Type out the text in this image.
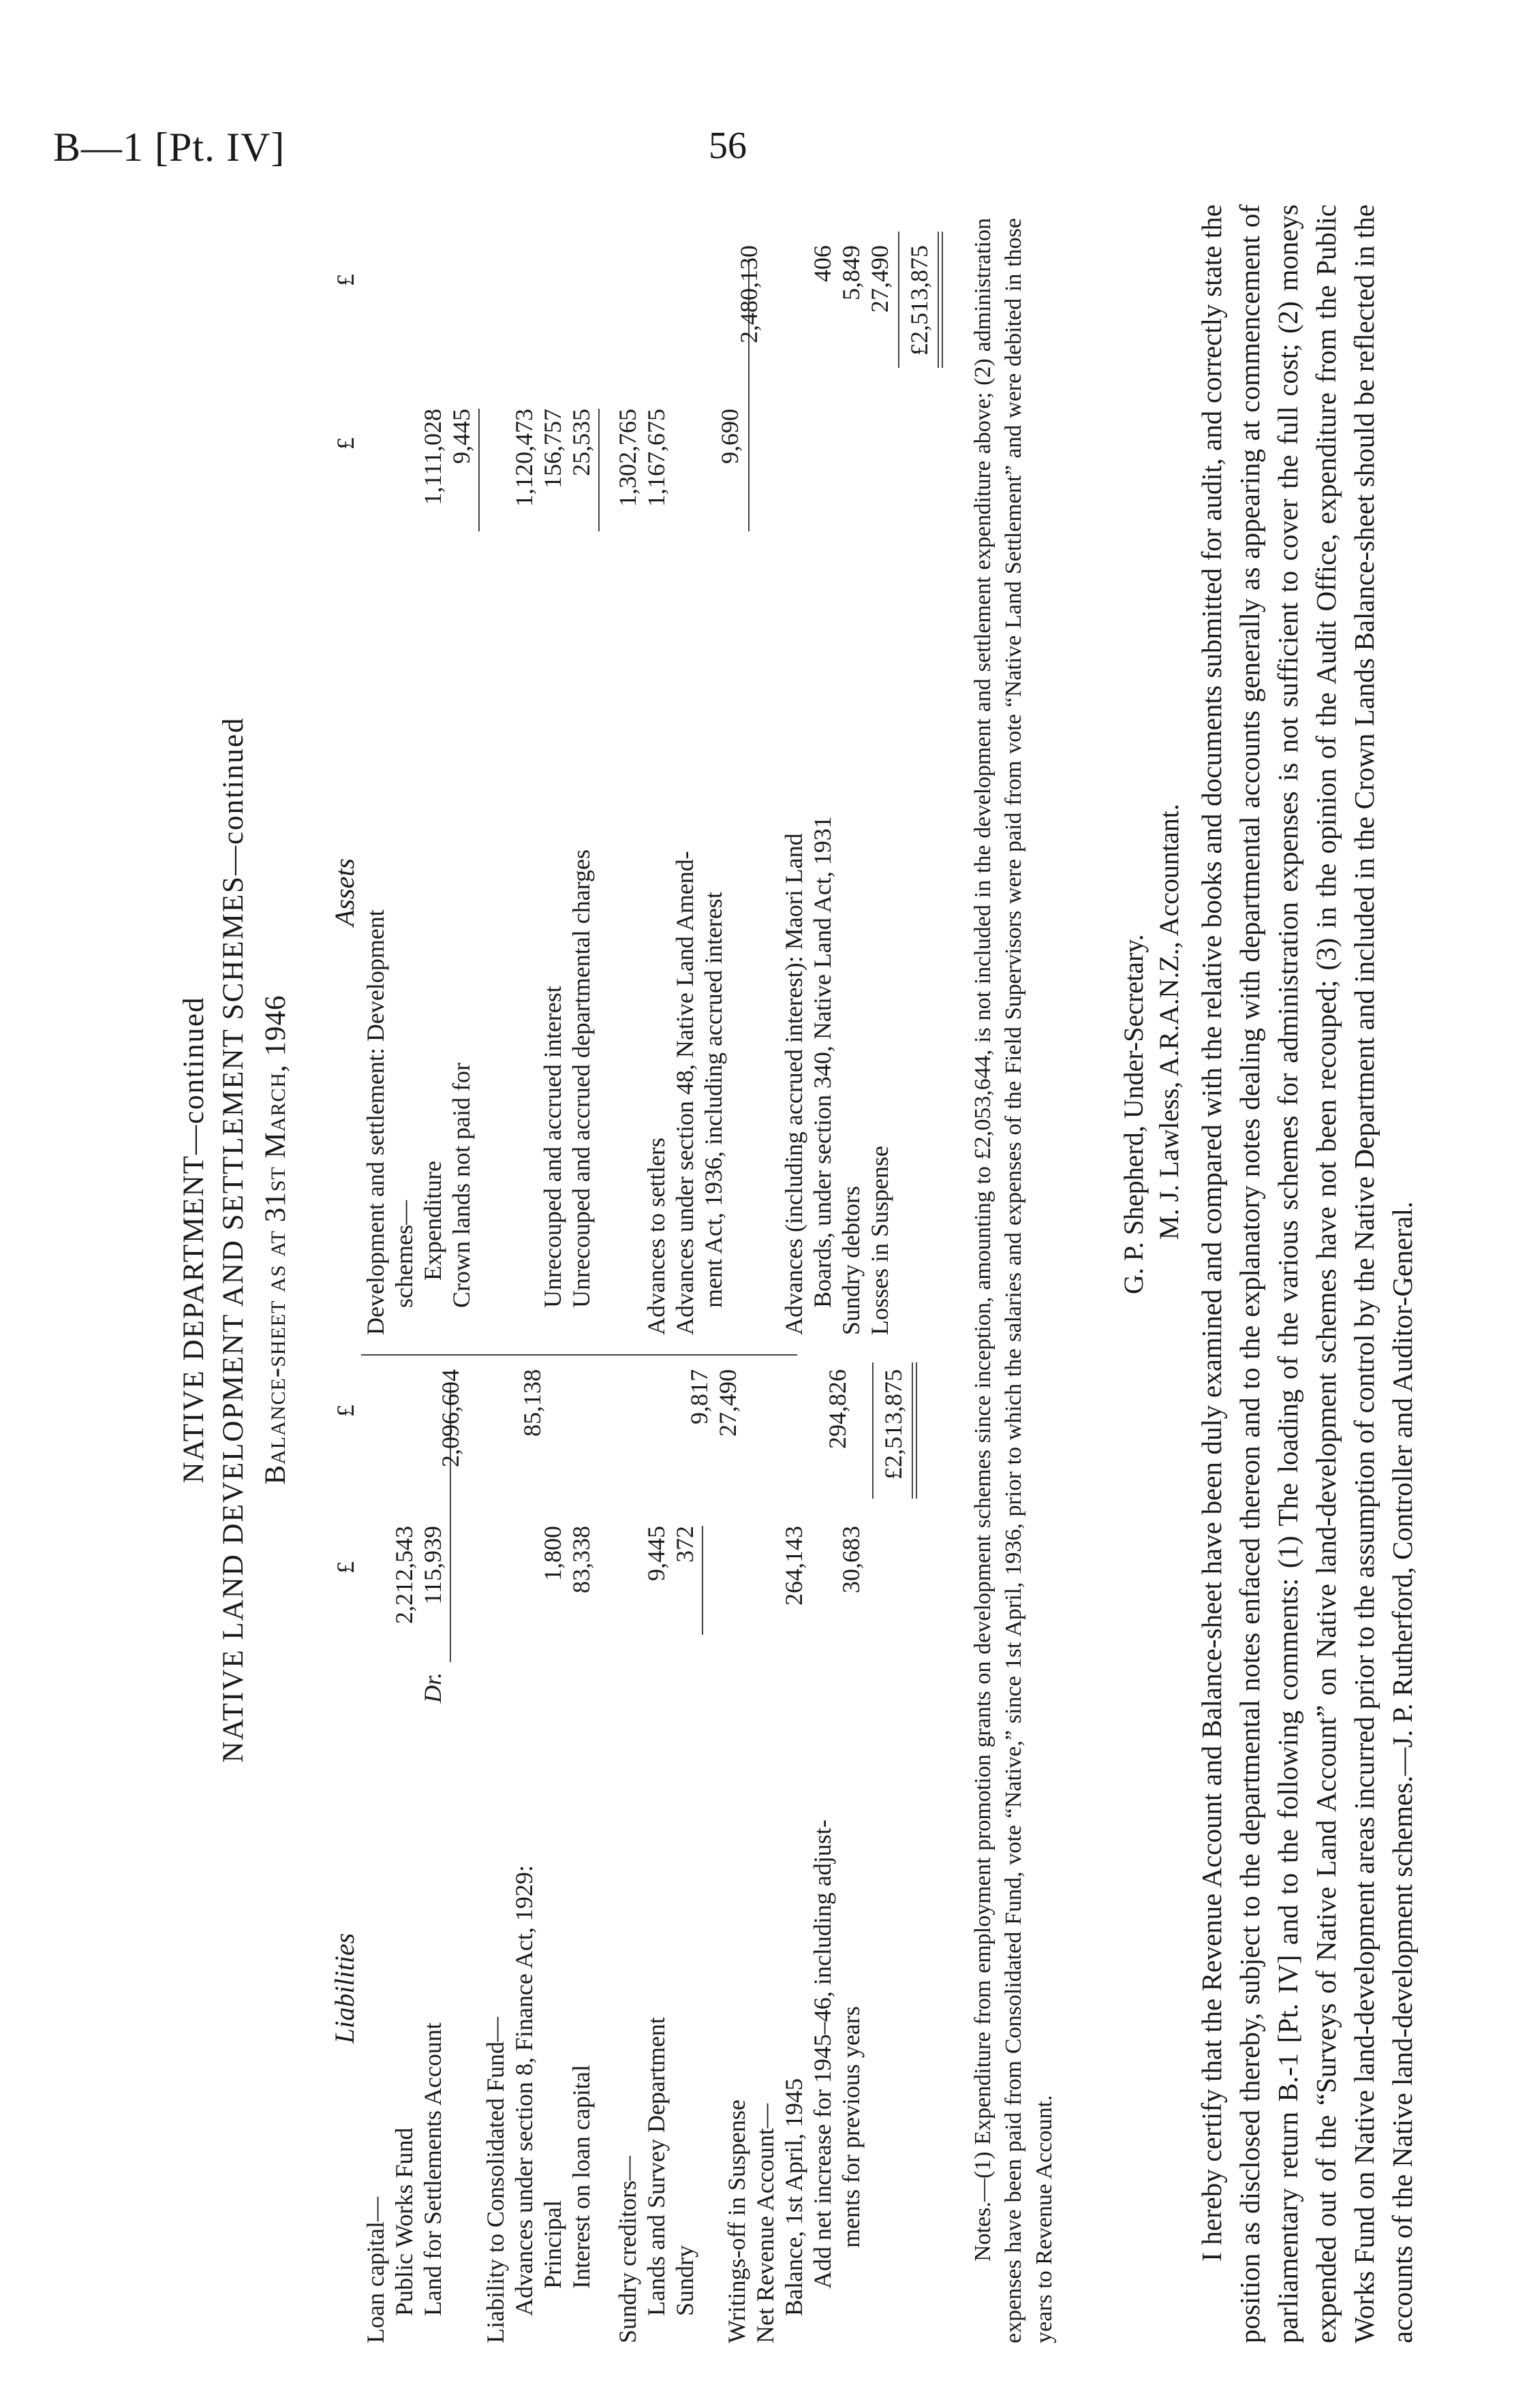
B—1 [Pt. IV]	56
NATIVE DEPARTMENT—continued NATIVE LAND DEVELOPMENT AND SETTLEMENT SCHEMES—continued Balance-sheet as at 31st March, 1946
Liabilities
£
£
Assets
£
£
Loan capital— Public Works Fund
2,212,543
Land for Settlements Account
Dr.
115,939
2,096,604
Liability to Consolidated Fund— Advances under section 8, Finance Act, 1929: Principal
1,800
Interest on loan capital
83,338
85,138
Sundry creditors— Lands and Survey Department
9,445
Sundry
372
9,817
Writings-off in Suspense
27,490
Net Revenue Account— Balance, 1st April, 1945
264,143
Add net increase for 1945–46, including adjust- ments for previous years
30,683
294,826 £2,513,875
Development and settlement: Development schemes— Expenditure
1,111,028
Crown lands not paid for
9,445 1,120,473
Unrecouped and accrued interest
156,757
Unrecouped and accrued departmental charges
25,535 1,302,765
Advances to settlers
1,167,675
Advances under section 48, Native Land Amend- ment Act, 1936, including accrued interest
9,690
2,480,130
Advances (including accrued interest): Maori Land Boards, under section 340, Native Land Act, 1931
406
Sundry debtors
5,849
Losses in Suspense
27,490 £2,513,875 Notes.—(1) Expenditure from employment promotion grants on development schemes since inception, amounting to £2,053,644, is not included in the development and settlement expenditure above; (2) administration expenses have been paid from Consolidated Fund, vote “Native,” since 1st April, 1936, prior to which the salaries and expenses of the Field Supervisors were paid from vote “Native Land Settlement” and were debited in those years to Revenue Account.
G. P. Shepherd, Under-Secretary. M. J. Lawless, A.R.A.N.Z., Accountant. I hereby certify that the Revenue Account and Balance-sheet have been duly examined and compared with the relative books and documents submitted for audit, and correctly state the position as disclosed thereby, subject to the departmental notes enfaced thereon and to the explanatory notes dealing with departmental accounts generally as appearing at commencement of parliamentary return B.-1 [Pt. IV] and to the following comments: (1) The loading of the various schemes for administration expenses is not sufficient to cover the full cost; (2) moneys expended out of the “Surveys of Native Land Account” on Native land-development schemes have not been recouped; (3) in the opinion of the Audit Office, expenditure from the Public Works Fund on Native land-development areas incurred prior to the assumption of control by the Native Department and included in the Crown Lands Balance-sheet should be reflected in the accounts of the Native land-development schemes.—J. P. Rutherford, Controller and Auditor-General.
